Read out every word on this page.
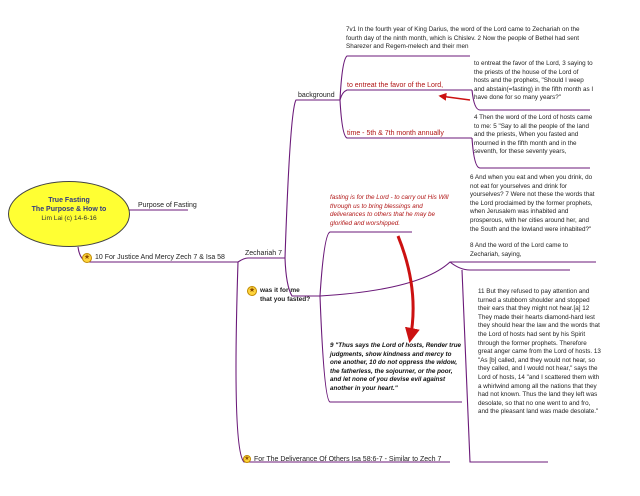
True Fasting
The Purpose & How to
Lim Lai (c) 14-6-16
Purpose of Fasting
★ 10 For Justice And Mercy Zech 7 & Isa 58
Zechariah 7
background

7v1 In the fourth year of King Darius, the word of the Lord came to Zechariah on the fourth day of the ninth month, which is Chislev. 2 Now the people of Bethel had sent Sharezer and Regem-melech and their men

to entreat the favor of the Lord,

to entreat the favor of the Lord, 3 saying to the priests of the house of the Lord of hosts and the prophets, "Should I weep and abstain(=fasting) in the fifth month as I have done for so many years?"

time - 5th & 7th month annually

4 Then the word of the Lord of hosts came to me: 5 "Say to all the people of the land and the priests, When you fasted and mourned in the fifth month and in the seventh, for these seventy years,

6 And when you eat and when you drink, do not eat for yourselves and drink for yourselves? 7 Were not these the words that the Lord proclaimed by the former prophets, when Jerusalem was inhabited and prosperous, with her cities around her, and the South and the lowland were inhabited?"

8 And the word of the Lord came to Zechariah, saying,

★ was it for me
that you fasted?

fasting is for the Lord - to carry out His Will through us to bring blessings and deliverances to others that he may be glorified and worshipped.

9 "Thus says the Lord of hosts, Render true judgments, show kindness and mercy to one another, 10 do not oppress the widow, the fatherless, the sojourner, or the poor, and let none of you devise evil against another in your heart."

11 But they refused to pay attention and turned a stubborn shoulder and stopped their ears that they might not hear.[a] 12 They made their hearts diamond-hard lest they should hear the law and the words that the Lord of hosts had sent by his Spirit through the former prophets. Therefore great anger came from the Lord of hosts. 13 "As [b] called, and they would not hear, so they called, and I would not hear," says the Lord of hosts, 14 "and I scattered them with a whirlwind among all the nations that they had not known. Thus the land they left was desolate, so that no one went to and fro, and the pleasant land was made desolate."

★ For The Deliverance Of Others Isa 58:6-7 - Similar to Zech 7
